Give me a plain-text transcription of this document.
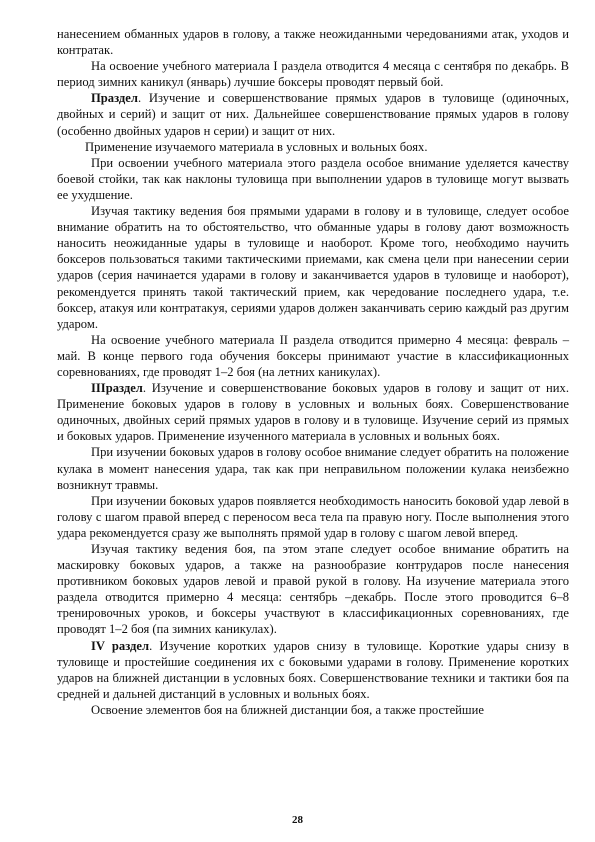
нанесением обманных ударов в голову, а также неожиданными чередованиями атак, уходов и контратак.

На освоение учебного материала I раздела отводится 4 месяца с сентября по декабрь. В период зимних каникул (январь) лучшие боксеры проводят первый бой.

Праздел. Изучение и совершенствование прямых ударов в туловище (одиночных, двойных и серий) и защит от них. Дальнейшее совершенствование прямых ударов в голову (особенно двойных ударов н серии) и защит от них.

Применение изучаемого материала в условных и вольных боях.

При освоении учебного материала этого раздела особое внимание уделяется качеству боевой стойки, так как наклоны туловища при выполнении ударов в туловище могут вызвать ее ухудшение.

Изучая тактику ведения боя прямыми ударами в голову и в туловище, следует особое внимание обратить на то обстоятельство, что обманные удары в голову дают возможность наносить неожиданные удары в туловище и наоборот. Кроме того, необходимо научить боксеров пользоваться такими тактическими приемами, как смена цели при нанесении серии ударов (серия начинается ударами в голову и заканчивается ударов в туловище и наоборот), рекомендуется принять такой тактический прием, как чередование последнего удара, т.е. боксер, атакуя или контратакуя, сериями ударов должен заканчивать серию каждый раз другим ударом.

На освоение учебного материала II раздела отводится примерно 4 месяца: февраль – май. В конце первого года обучения боксеры принимают участие в классификационных соревнованиях, где проводят 1–2 боя (на летних каникулах).

IIIраздел. Изучение и совершенствование боковых ударов в голову и защит от них. Применение боковых ударов в голову в условных и вольных боях. Совершенствование одиночных, двойных серий прямых ударов в голову и в туловище. Изучение серий из прямых и боковых ударов. Применение изученного материала в условных и вольных боях.

При изучении боковых ударов в голову особое внимание следует обратить на положение кулака в момент нанесения удара, так как при неправильном положении кулака неизбежно возникнут травмы.

При изучении боковых ударов появляется необходимость наносить боковой удар левой в голову с шагом правой вперед с переносом веса тела па правую ногу. После выполнения этого удара рекомендуется сразу же выполнять прямой удар в голову с шагом левой вперед.

Изучая тактику ведения боя, па этом этапе следует особое внимание обратить на маскировку боковых ударов, а также на разнообразие контрударов после нанесения противником боковых ударов левой и правой рукой в голову. На изучение материала этого раздела отводится примерно 4 месяца: сентябрь –декабрь. После этого проводится 6–8 тренировочных уроков, и боксеры участвуют в классификационных соревнованиях, где проводят 1–2 боя (па зимних каникулах).

IV раздел. Изучение коротких ударов снизу в туловище. Короткие удары снизу в туловище и простейшие соединения их с боковыми ударами в голову. Применение коротких ударов на ближней дистанции в условных боях. Совершенствование техники и тактики боя па средней и дальней дистанций в условных и вольных боях.

Освоение элементов боя на ближней дистанции боя, а также простейшие

28
